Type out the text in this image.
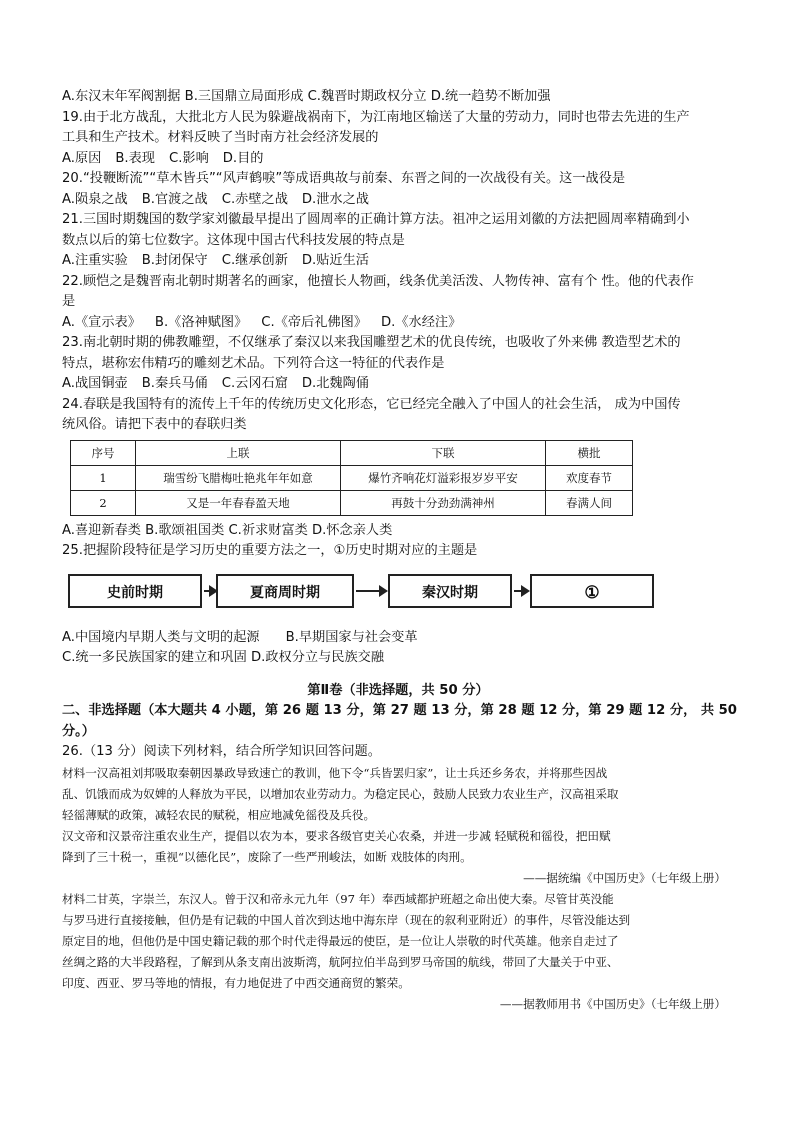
A.东汉末年军阀割据 B.三国鼎立局面形成 C.魏晋时期政权分立 D.统一趋势不断加强
19.由于北方战乱，大批北方人民为躲避战祸南下，为江南地区输送了大量的劳动力，同时也带去先进的生产
工具和生产技术。材料反映了当时南方社会经济发展的
A.原因 B.表现 C.影响 D.目的
20.“投鞭断流”“草木皆兵”“风声鹤唳”等成语典故与前秦、东晋之间的一次战役有关。这一战役是
A.陨泉之战 B.官渡之战 C.赤壁之战 D.泄水之战
21.三国时期魏国的数学家刘徽最早提出了圆周率的正确计算方法。祖冲之运用刘徽的方法把圆周率精确到小
数点以后的第七位数字。这体现中国古代科技发展的特点是
A.注重实验 B.封闭保守 C.继承创新 D.贴近生活
22.顾恺之是魏晋南北朝时期著名的画家，他擅长人物画，线条优美活泼、人物传神、富有个 性。他的代表作
是
A.《宣示表》 B.《洛神赋图》 C.《帝后礼佛图》 D.《水经注》
23.南北朝时期的佛教雕塑，不仅继承了秦汉以来我国雕塑艺术的优良传统，也吸收了外来佛 教造型艺术的
特点，堪称宏伟精巧的雕刻艺术品。下列符合这一特征的代表作是
A.战国铜壶 B.秦兵马俑 C.云冈石窟 D.北魏陶俑
24.春联是我国特有的流传上千年的传统历史文化形态，它已经完全融入了中国人的社会生活， 成为中国传
统风俗。请把下表中的春联归类
序号	上联	下联	横批
1	瑞雪纷飞腊梅吐艳兆年年如意	爆竹齐响花灯溢彩报岁岁平安	欢度春节
2	又是一年春春盈天地	再鼓十分劲劲满神州	春满人间
A.喜迎新春类 B.歌颂祖国类 C.祈求财富类 D.怀念亲人类
25.把握阶段特征是学习历史的重要方法之一，①历史时期对应的主题是
史前时期	夏商周时期	秦汉时期	①
A.中国境内早期人类与文明的起源 B.早期国家与社会变革
C.统一多民族国家的建立和巩固 D.政权分立与民族交融
第Ⅱ卷（非选择题，共 50 分）
二、非选择题（本大题共 4 小题，第 26 题 13 分，第 27 题 13 分，第 28 题 12 分，第 29 题 12 分， 共 50
分。）
26.（13 分）阅读下列材料，结合所学知识回答问题。
材料一汉高祖刘邦吸取秦朝因暴政导致速亡的教训，他下令“兵皆罢归家”，让士兵还乡务农，并将那些因战
乱、饥饿而成为奴婢的人释放为平民，以增加农业劳动力。为稳定民心，鼓励人民致力农业生产，汉高祖采取
轻徭薄赋的政策，减轻农民的赋税，相应地减免徭役及兵役。
汉文帝和汉景帝注重农业生产，提倡以农为本，要求各级官吏关心农桑，并进一步减 轻赋税和徭役，把田赋
降到了三十税一，重视“以德化民”，废除了一些严刑峻法，如断 戏肢体的肉刑。
——据统编《中国历史》（七年级上册）
材料二甘英，字崇兰，东汉人。曾于汉和帝永元九年（97 年）奉西域都护班超之命出使大秦。尽管甘英没能
与罗马进行直接接触，但仍是有记载的中国人首次到达地中海东岸（现在的叙利亚附近）的事件，尽管没能达到
原定目的地，但他仍是中国史籍记载的那个时代走得最远的使臣，是一位让人崇敬的时代英雄。他亲自走过了
丝绸之路的大半段路程，了解到从条支南出波斯湾，航阿拉伯半岛到罗马帝国的航线，带回了大量关于中亚、
印度、西亚、罗马等地的情报，有力地促进了中西交通商贸的繁荣。
——据教师用书《中国历史》（七年级上册）
